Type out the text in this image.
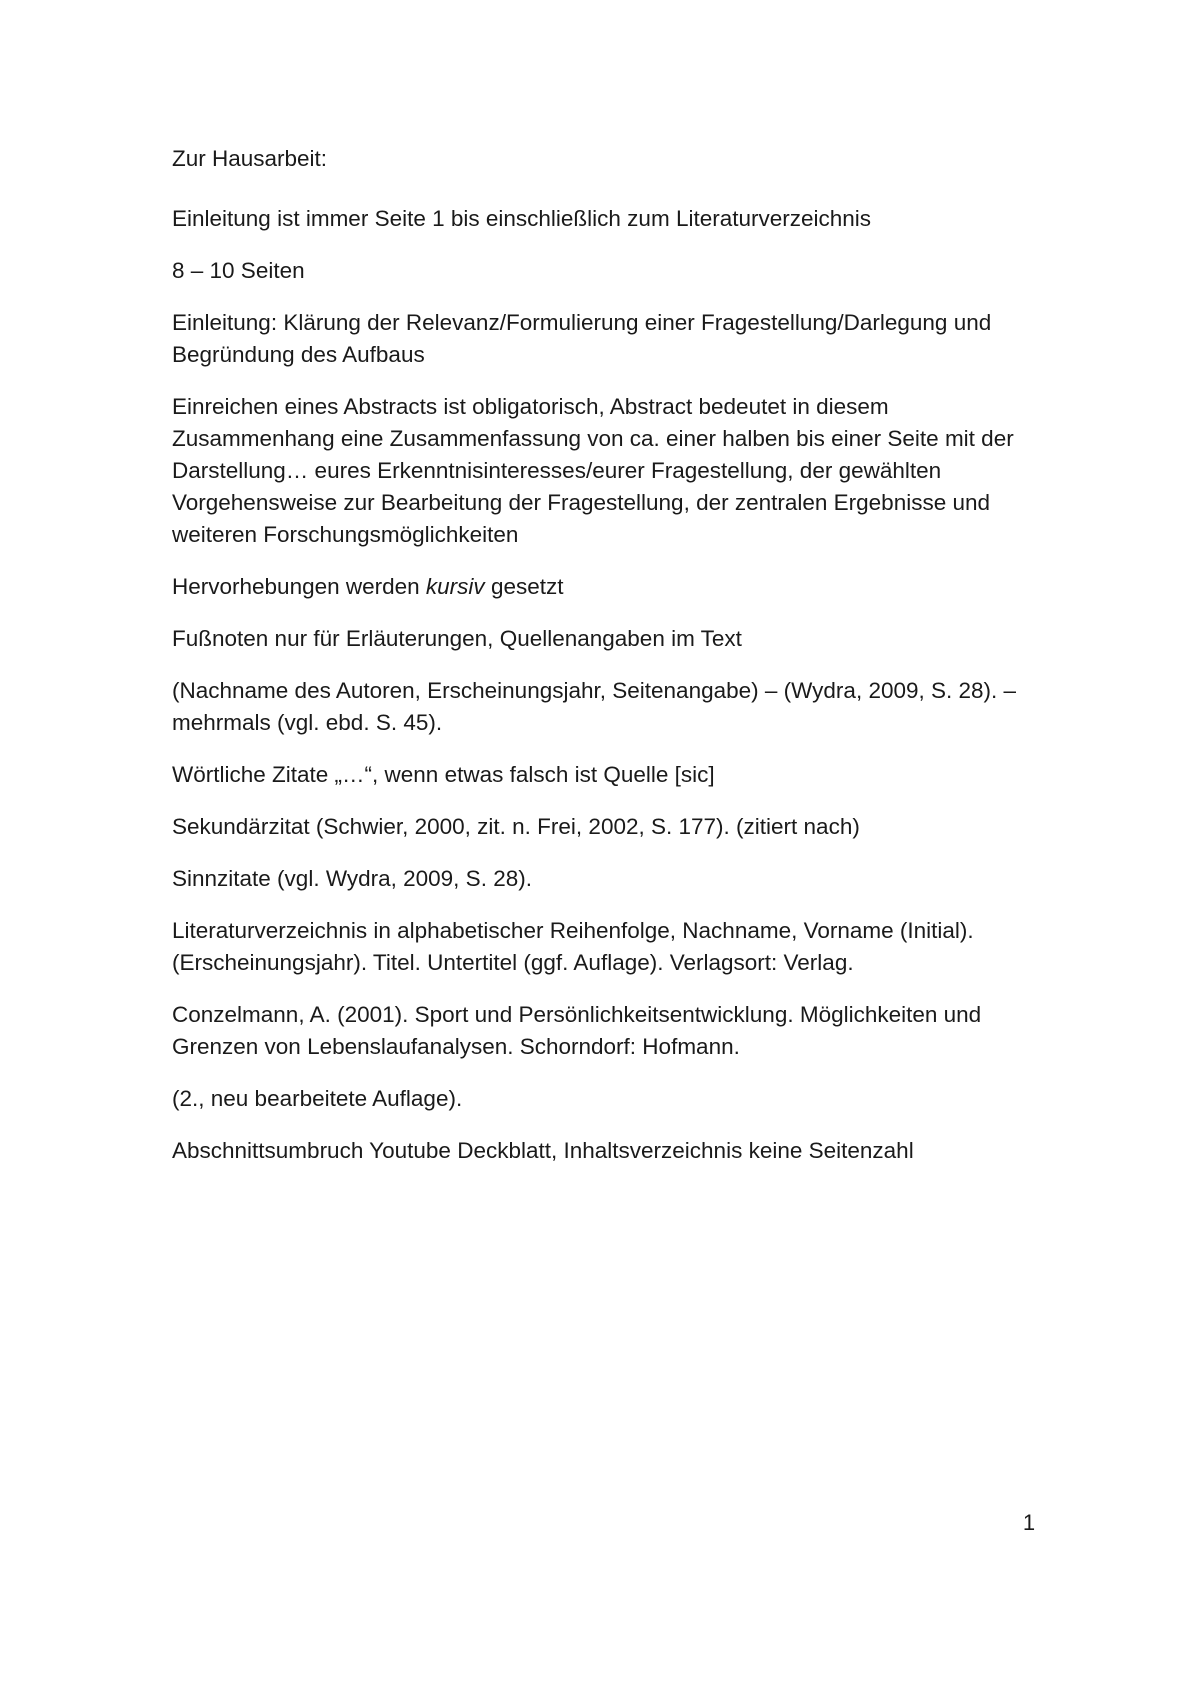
Zur Hausarbeit:

Einleitung ist immer Seite 1 bis einschließlich zum Literaturverzeichnis

8 – 10 Seiten

Einleitung: Klärung der Relevanz/Formulierung einer Fragestellung/Darlegung und Begründung des Aufbaus

Einreichen eines Abstracts ist obligatorisch, Abstract bedeutet in diesem Zusammenhang eine Zusammenfassung von ca. einer halben bis einer Seite mit der Darstellung… eures Erkenntnisinteresses/eurer Fragestellung, der gewählten Vorgehensweise zur Bearbeitung der Fragestellung, der zentralen Ergebnisse und weiteren Forschungsmöglichkeiten

Hervorhebungen werden kursiv gesetzt

Fußnoten nur für Erläuterungen, Quellenangaben im Text

(Nachname des Autoren, Erscheinungsjahr, Seitenangabe) – (Wydra, 2009, S. 28). – mehrmals (vgl. ebd. S. 45).

Wörtliche Zitate „…“, wenn etwas falsch ist Quelle [sic]

Sekundärzitat (Schwier, 2000, zit. n. Frei, 2002, S. 177). (zitiert nach)

Sinnzitate (vgl. Wydra, 2009, S. 28).

Literaturverzeichnis in alphabetischer Reihenfolge, Nachname, Vorname (Initial). (Erscheinungsjahr). Titel. Untertitel (ggf. Auflage). Verlagsort: Verlag.

Conzelmann, A. (2001). Sport und Persönlichkeitsentwicklung. Möglichkeiten und Grenzen von Lebenslaufanalysen. Schorndorf: Hofmann.

(2., neu bearbeitete Auflage).

Abschnittsumbruch Youtube Deckblatt, Inhaltsverzeichnis keine Seitenzahl

1
